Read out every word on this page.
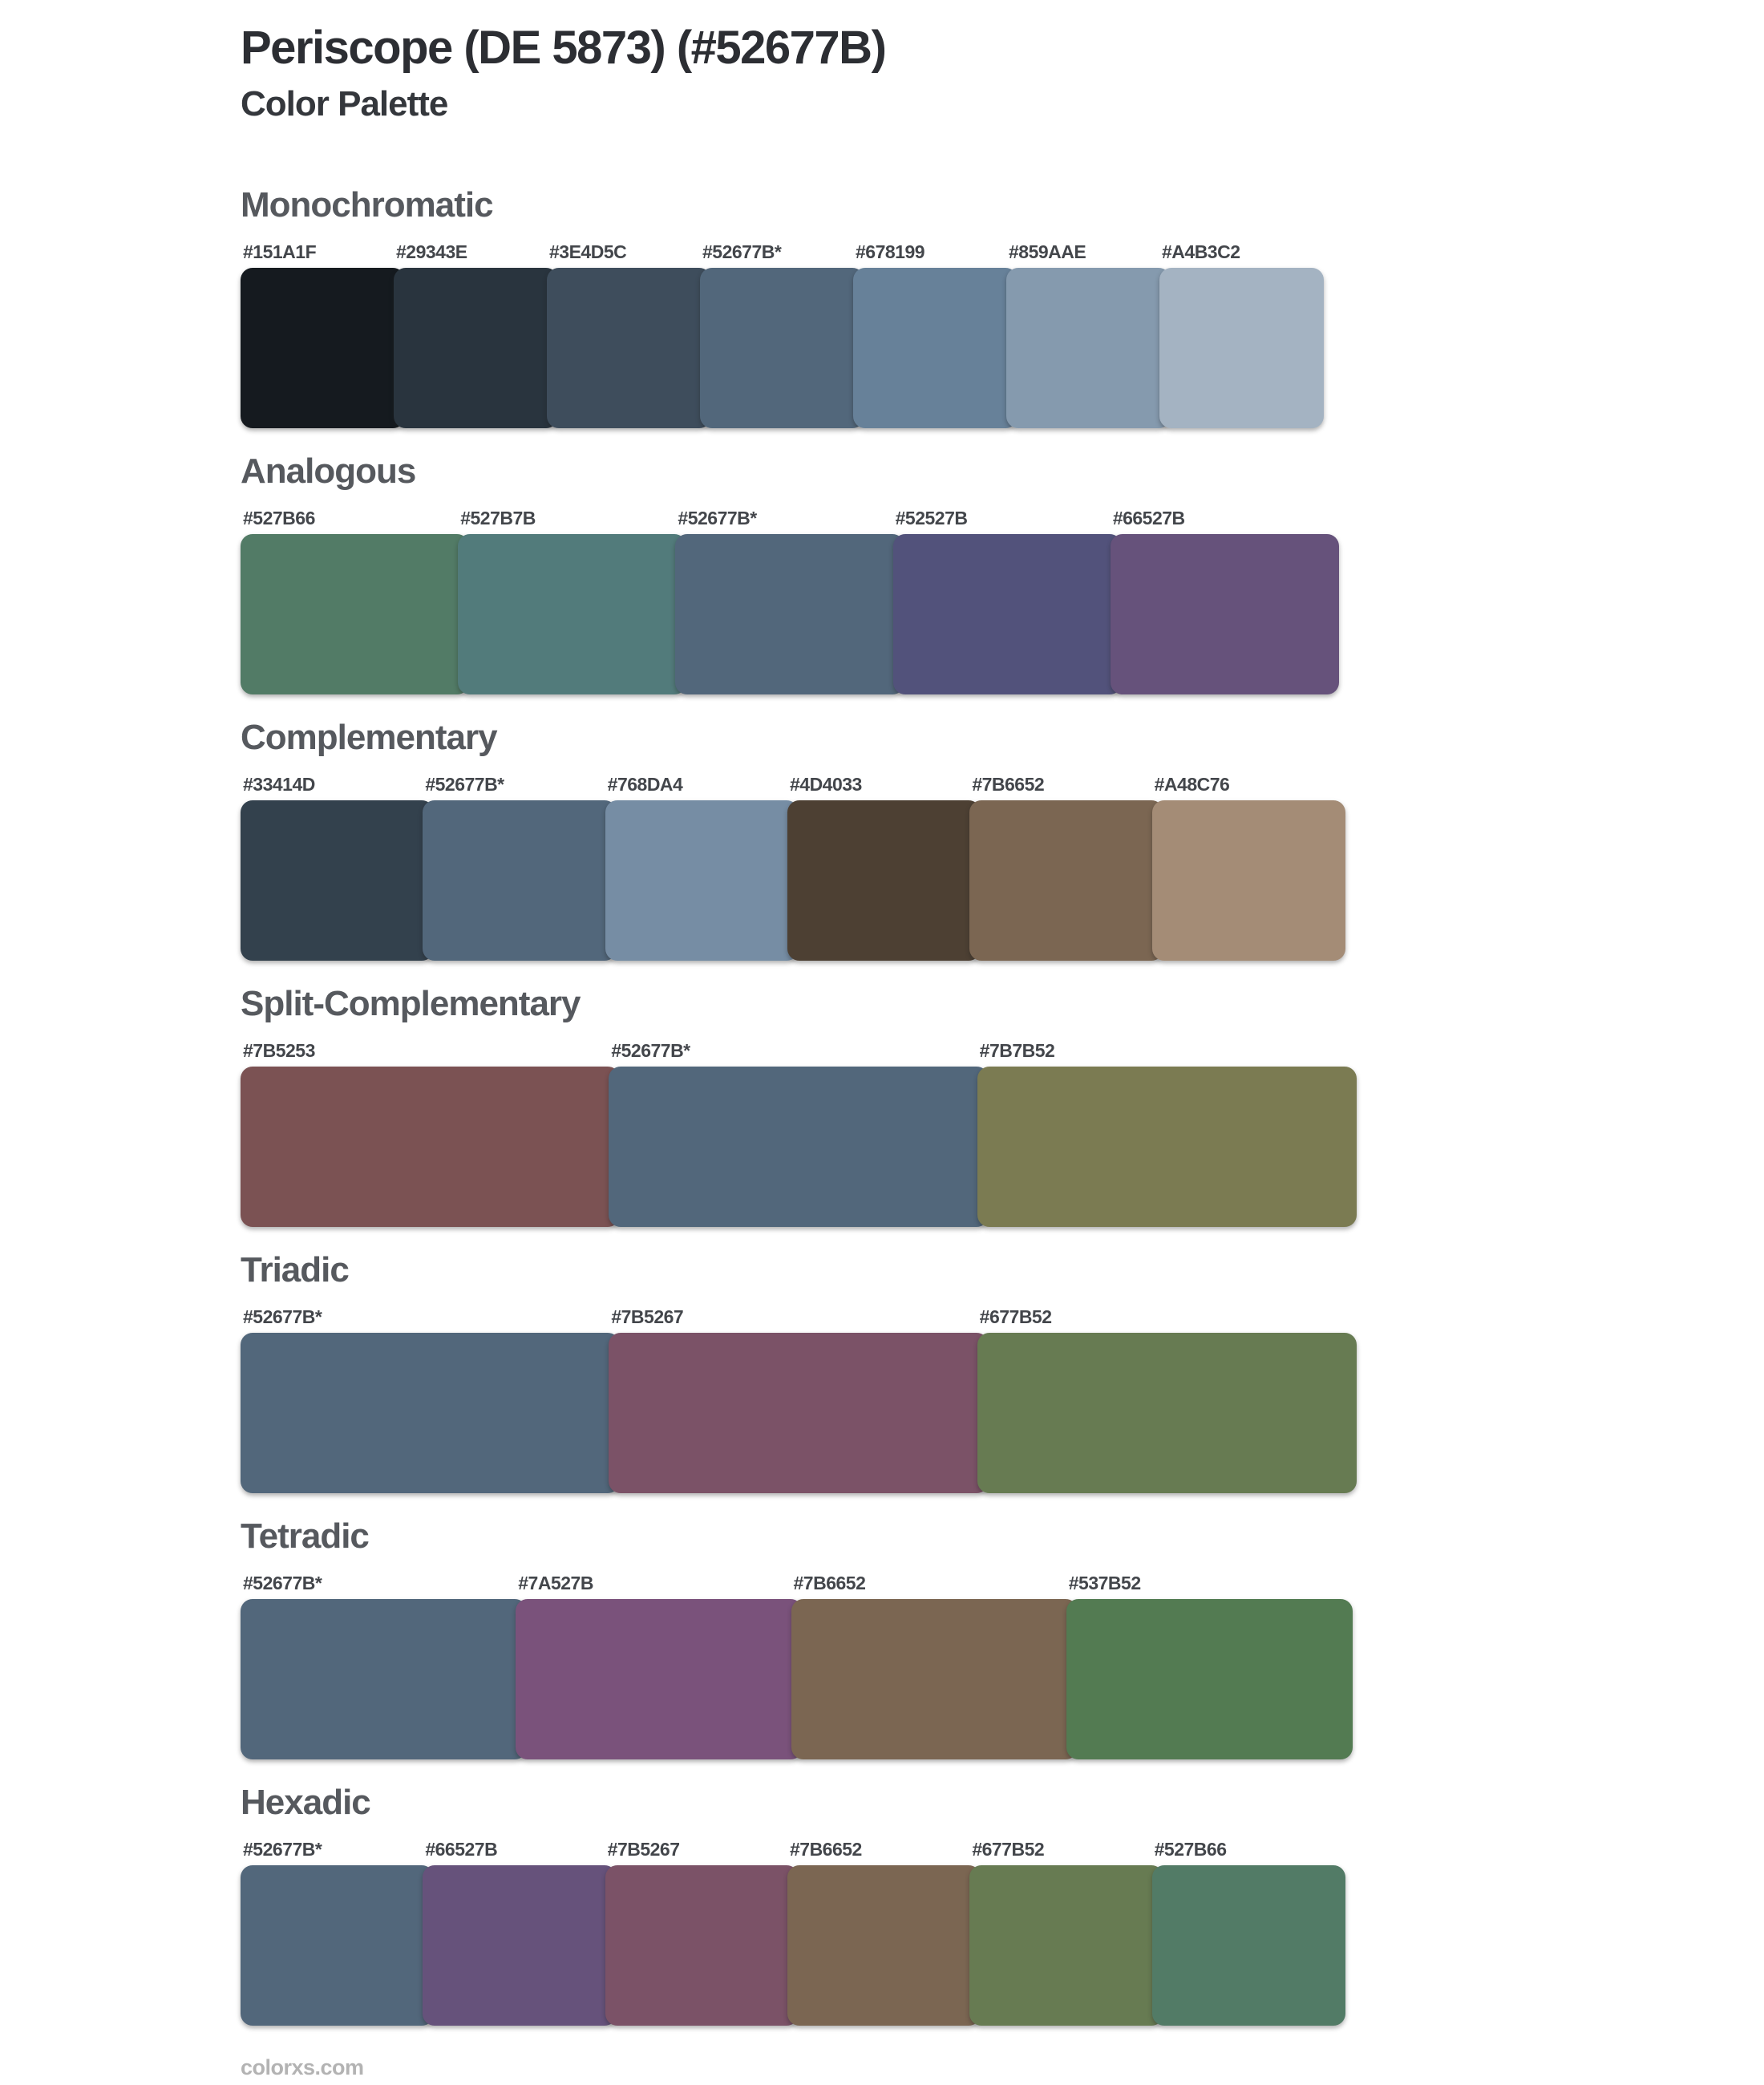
Periscope (DE 5873) (#52677B)
Color Palette
Monochromatic
#151A1F	#29343E	#3E4D5C	#52677B*	#678199	#859AAE	#A4B3C2
Analogous
#527B66	#527B7B	#52677B*	#52527B	#66527B
Complementary
#33414D	#52677B*	#768DA4	#4D4033	#7B6652	#A48C76
Split-Complementary
#7B5253	#52677B*	#7B7B52
Triadic
#52677B*	#7B5267	#677B52
Tetradic
#52677B*	#7A527B	#7B6652	#537B52
Hexadic
#52677B*	#66527B	#7B5267	#7B6652	#677B52	#527B66
colorxs.com
